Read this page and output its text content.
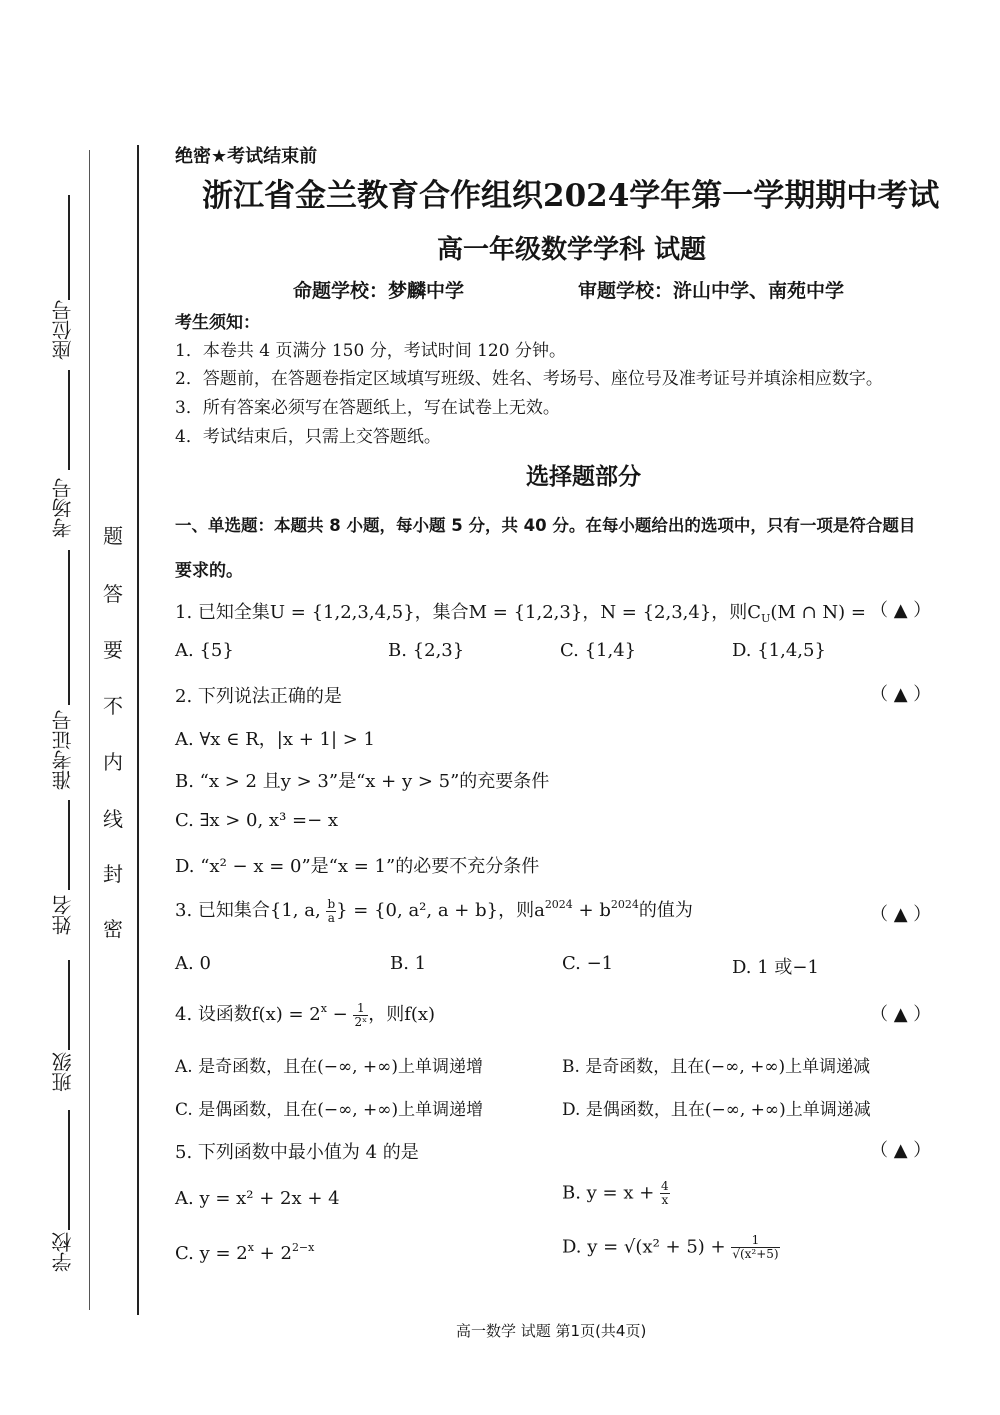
座位号
考场号
准考证号
姓名
班级
学校
题
答
要
不
内
线
封
密
绝密★考试结束前
浙江省金兰教育合作组织2024学年第一学期期中考试
高一年级数学学科 试题
命题学校：梦麟中学	审题学校：浒山中学、南苑中学
考生须知：
1．本卷共 4 页满分 150 分，考试时间 120 分钟。
2．答题前，在答题卷指定区域填写班级、姓名、考场号、座位号及准考证号并填涂相应数字。
3．所有答案必须写在答题纸上，写在试卷上无效。
4．考试结束后，只需上交答题纸。
选择题部分
一、单选题：本题共 8 小题，每小题 5 分，共 40 分。在每小题给出的选项中，只有一项是符合题目
要求的。
1. 已知全集U = {1,2,3,4,5}，集合M = {1,2,3}，N = {2,3,4}，则$C_U(M$ ∩ N) = （ ▲ ）
A. {5}	B. {2,3}	C. {1,4}	D. {1,4,5}
2. 下列说法正确的是	（ ▲ ）
A. ∀x ∈ R，|x + 1| > 1
B. “x > 2 且y > 3”是“x + y > 5”的充要条件
C. ∃x > 0, x³ =− x
D. “x² − x = 0”是“x = 1”的必要不充分条件
3. 已知集合{1, a, $\frac{b}{a}$ } = {0, a², a + b}，则$a^{2024} + b^{2024}$的值为	（ ▲ ）
A. 0	B. 1	C. −1	D. 1 或−1
4. 设函数$f(x) = 2^x - \frac{1}{\text{2ˣ}}$ ，则f(x)	（ ▲ ）
A. 是奇函数，且在(−∞, +∞)上单调递增	B. 是奇函数，且在(−∞, +∞)上单调递减
C. 是偶函数，且在(−∞, +∞)上单调递增	D. 是偶函数，且在(−∞, +∞)上单调递减
5. 下列函数中最小值为 4 的是	（ ▲ ）
A. y = x² + 2x + 4	B. $y = x + \frac{4}{x}$
C. $y = 2^x + 2^{2-x}$	D. $y = √(x^2 + 5) + \frac{1}{\text{√(x²+5)}}$
高一数学 试题 第1页(共4页)
